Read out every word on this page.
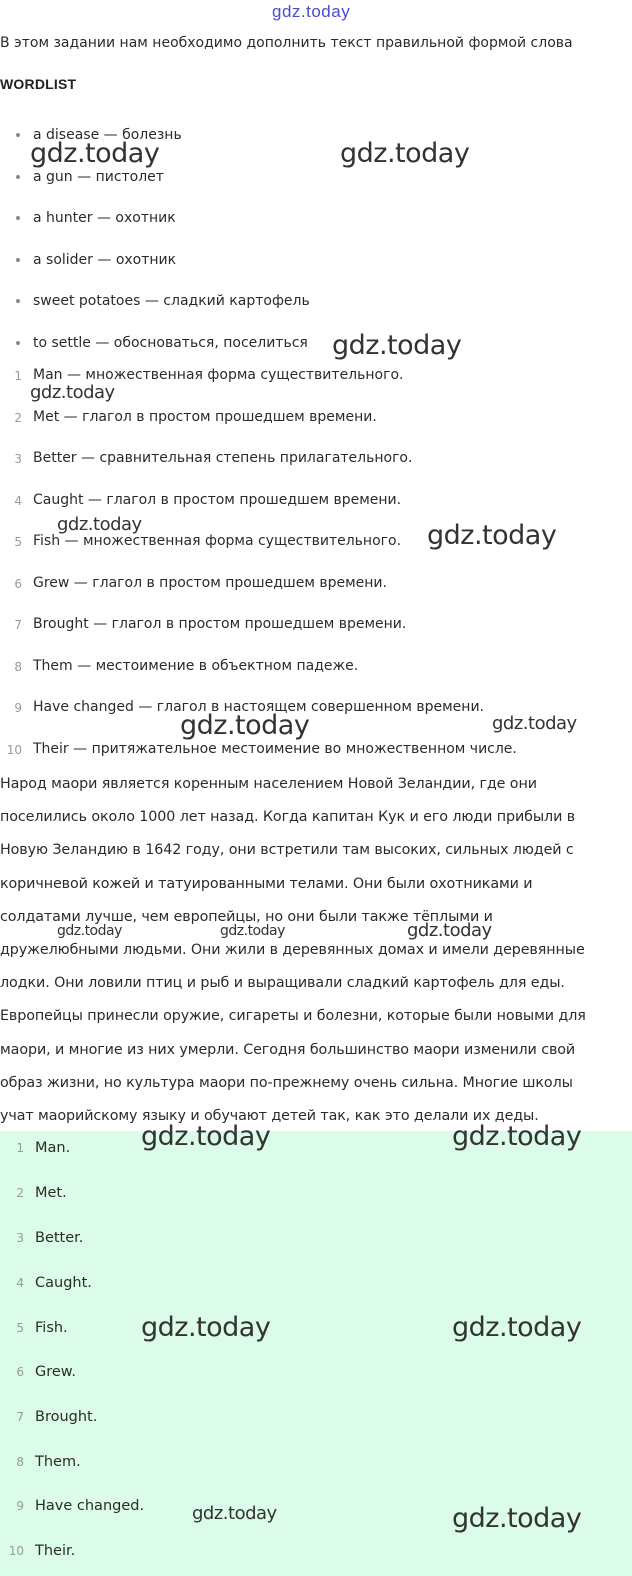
gdz.today
В этом задании нам необходимо дополнить текст правильной формой слова
WORDLIST
a disease — болезнь
a gun — пистолет
a hunter — охотник
a solider — охотник
sweet potatoes — сладкий картофель
to settle — обосноваться, поселиться
1 Man — множественная форма существительного.
2 Met — глагол в простом прошедшем времени.
3 Better — сравнительная степень прилагательного.
4 Caught — глагол в простом прошедшем времени.
5 Fish — множественная форма существительного.
6 Grew — глагол в простом прошедшем времени.
7 Brought — глагол в простом прошедшем времени.
8 Them — местоимение в объектном падеже.
9 Have changed — глагол в настоящем совершенном времени.
10 Their — притяжательное местоимение во множественном числе.
Народ маори является коренным населением Новой Зеландии, где они
поселились около 1000 лет назад. Когда капитан Кук и его люди прибыли в
Новую Зеландию в 1642 году, они встретили там высоких, сильных людей с
коричневой кожей и татуированными телами. Они были охотниками и
солдатами лучше, чем европейцы, но они были также тёплыми и
дружелюбными людьми. Они жили в деревянных домах и имели деревянные
лодки. Они ловили птиц и рыб и выращивали сладкий картофель для еды.
Европейцы принесли оружие, сигареты и болезни, которые были новыми для
маори, и многие из них умерли. Сегодня большинство маори изменили свой
образ жизни, но культура маори по-прежнему очень сильна. Многие школы
учат маорийскому языку и обучают детей так, как это делали их деды.
1 Man.
2 Met.
3 Better.
4 Caught.
5 Fish.
6 Grew.
7 Brought.
8 Them.
9 Have changed.
10 Their.
gdz.today	gdz.today
gdz.today
gdz.today
gdz.today	gdz.today
gdz.today	gdz.today
gdz.today	gdz.today	gdz.today
gdz.today	gdz.today
gdz.today	gdz.today
gdz.today	gdz.today
